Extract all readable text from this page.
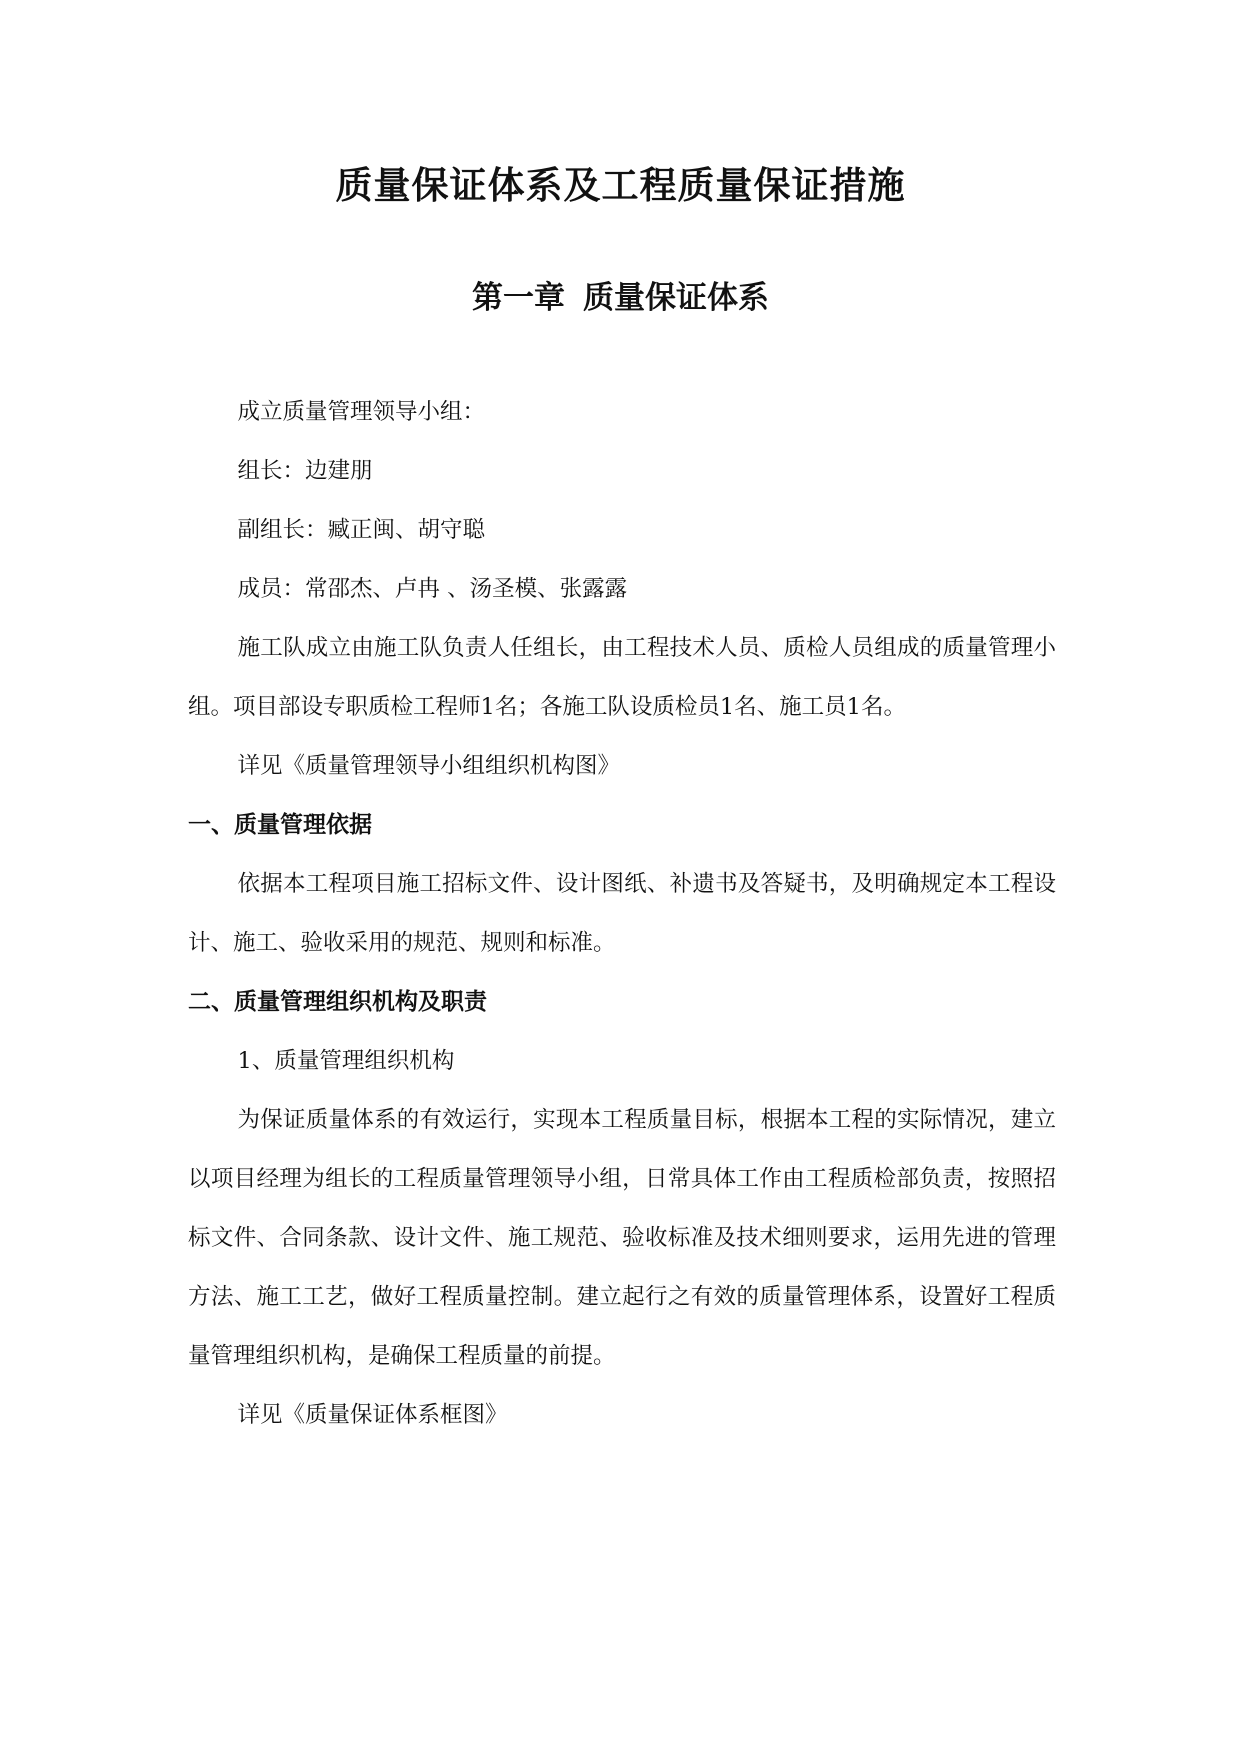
质量保证体系及工程质量保证措施
第一章 质量保证体系

成立质量管理领导小组：

组长：边建朋

副组长：臧正闽、胡守聪

成员：常邵杰、卢冉 、汤圣模、张露露

施工队成立由施工队负责人任组长，由工程技术人员、质检人员组成的质量管理小组。项目部设专职质检工程师1名；各施工队设质检员1名、施工员1名。

详见《质量管理领导小组组织机构图》

一、质量管理依据

依据本工程项目施工招标文件、设计图纸、补遗书及答疑书，及明确规定本工程设计、施工、验收采用的规范、规则和标准。

二、质量管理组织机构及职责

1、质量管理组织机构

为保证质量体系的有效运行，实现本工程质量目标，根据本工程的实际情况，建立以项目经理为组长的工程质量管理领导小组，日常具体工作由工程质检部负责，按照招标文件、合同条款、设计文件、施工规范、验收标准及技术细则要求，运用先进的管理方法、施工工艺，做好工程质量控制。建立起行之有效的质量管理体系，设置好工程质量管理组织机构，是确保工程质量的前提。

详见《质量保证体系框图》
